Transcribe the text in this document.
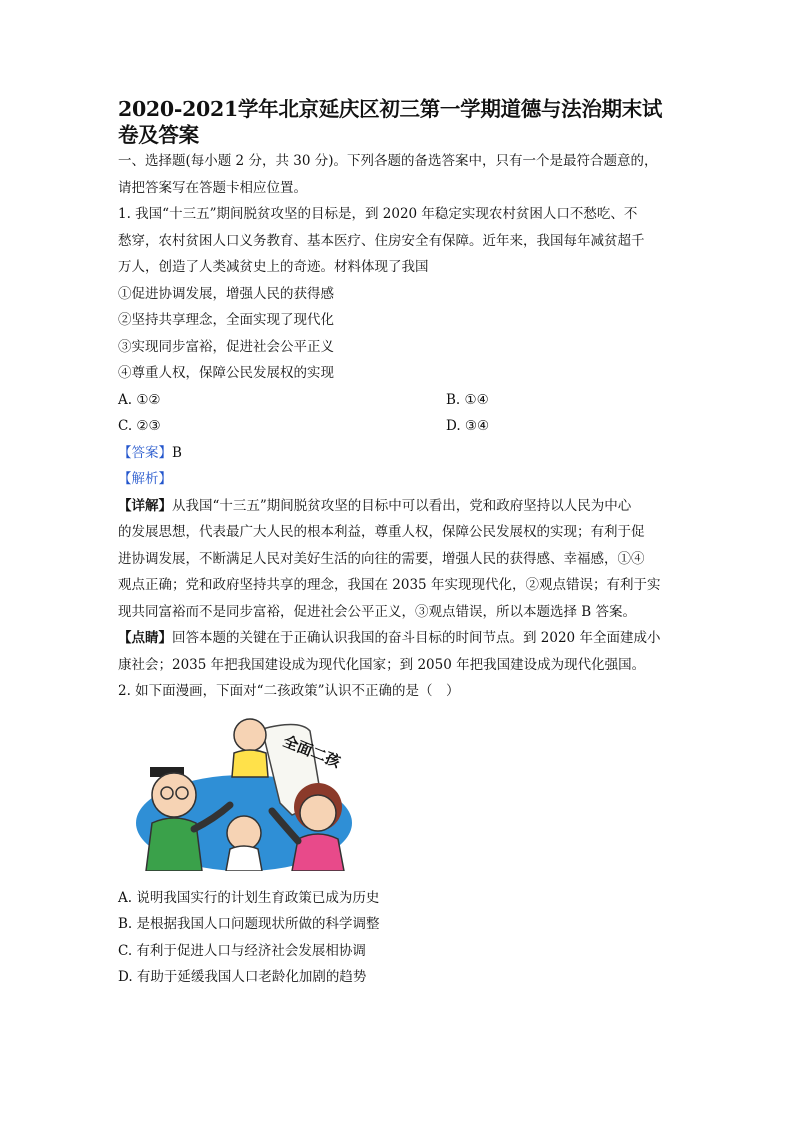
2020-2021学年北京延庆区初三第一学期道德与法治期末试
卷及答案

一、选择题(每小题 2 分，共 30 分)。下列各题的备选答案中，只有一个是最符合题意的，

请把答案写在答题卡相应位置。

1. 我国“十三五”期间脱贫攻坚的目标是，到 2020 年稳定实现农村贫困人口不愁吃、不

愁穿，农村贫困人口义务教育、基本医疗、住房安全有保障。近年来，我国每年减贫超千

万人，创造了人类减贫史上的奇迹。材料体现了我国

①促进协调发展，增强人民的获得感

②坚持共享理念，全面实现了现代化

③实现同步富裕，促进社会公平正义

④尊重人权，保障公民发展权的实现

A. ①②	B. ①④
C. ②③	D. ③④

【答案】B

【解析】

【详解】从我国“十三五”期间脱贫攻坚的目标中可以看出，党和政府坚持以人民为中心

的发展思想，代表最广大人民的根本利益，尊重人权，保障公民发展权的实现；有利于促

进协调发展，不断满足人民对美好生活的向往的需要，增强人民的获得感、幸福感，①④

观点正确；党和政府坚持共享的理念，我国在 2035 年实现现代化，②观点错误；有利于实

现共同富裕而不是同步富裕，促进社会公平正义，③观点错误，所以本题选择 B 答案。

【点睛】回答本题的关键在于正确认识我国的奋斗目标的时间节点。到 2020 年全面建成小

康社会；2035 年把我国建设成为现代化国家；到 2050 年把我国建设成为现代化强国。

2. 如下面漫画，下面对“二孩政策”认识不正确的是（　）

全面二孩

A. 说明我国实行的计划生育政策已成为历史

B. 是根据我国人口问题现状所做的科学调整

C. 有利于促进人口与经济社会发展相协调

D. 有助于延缓我国人口老龄化加剧的趋势
